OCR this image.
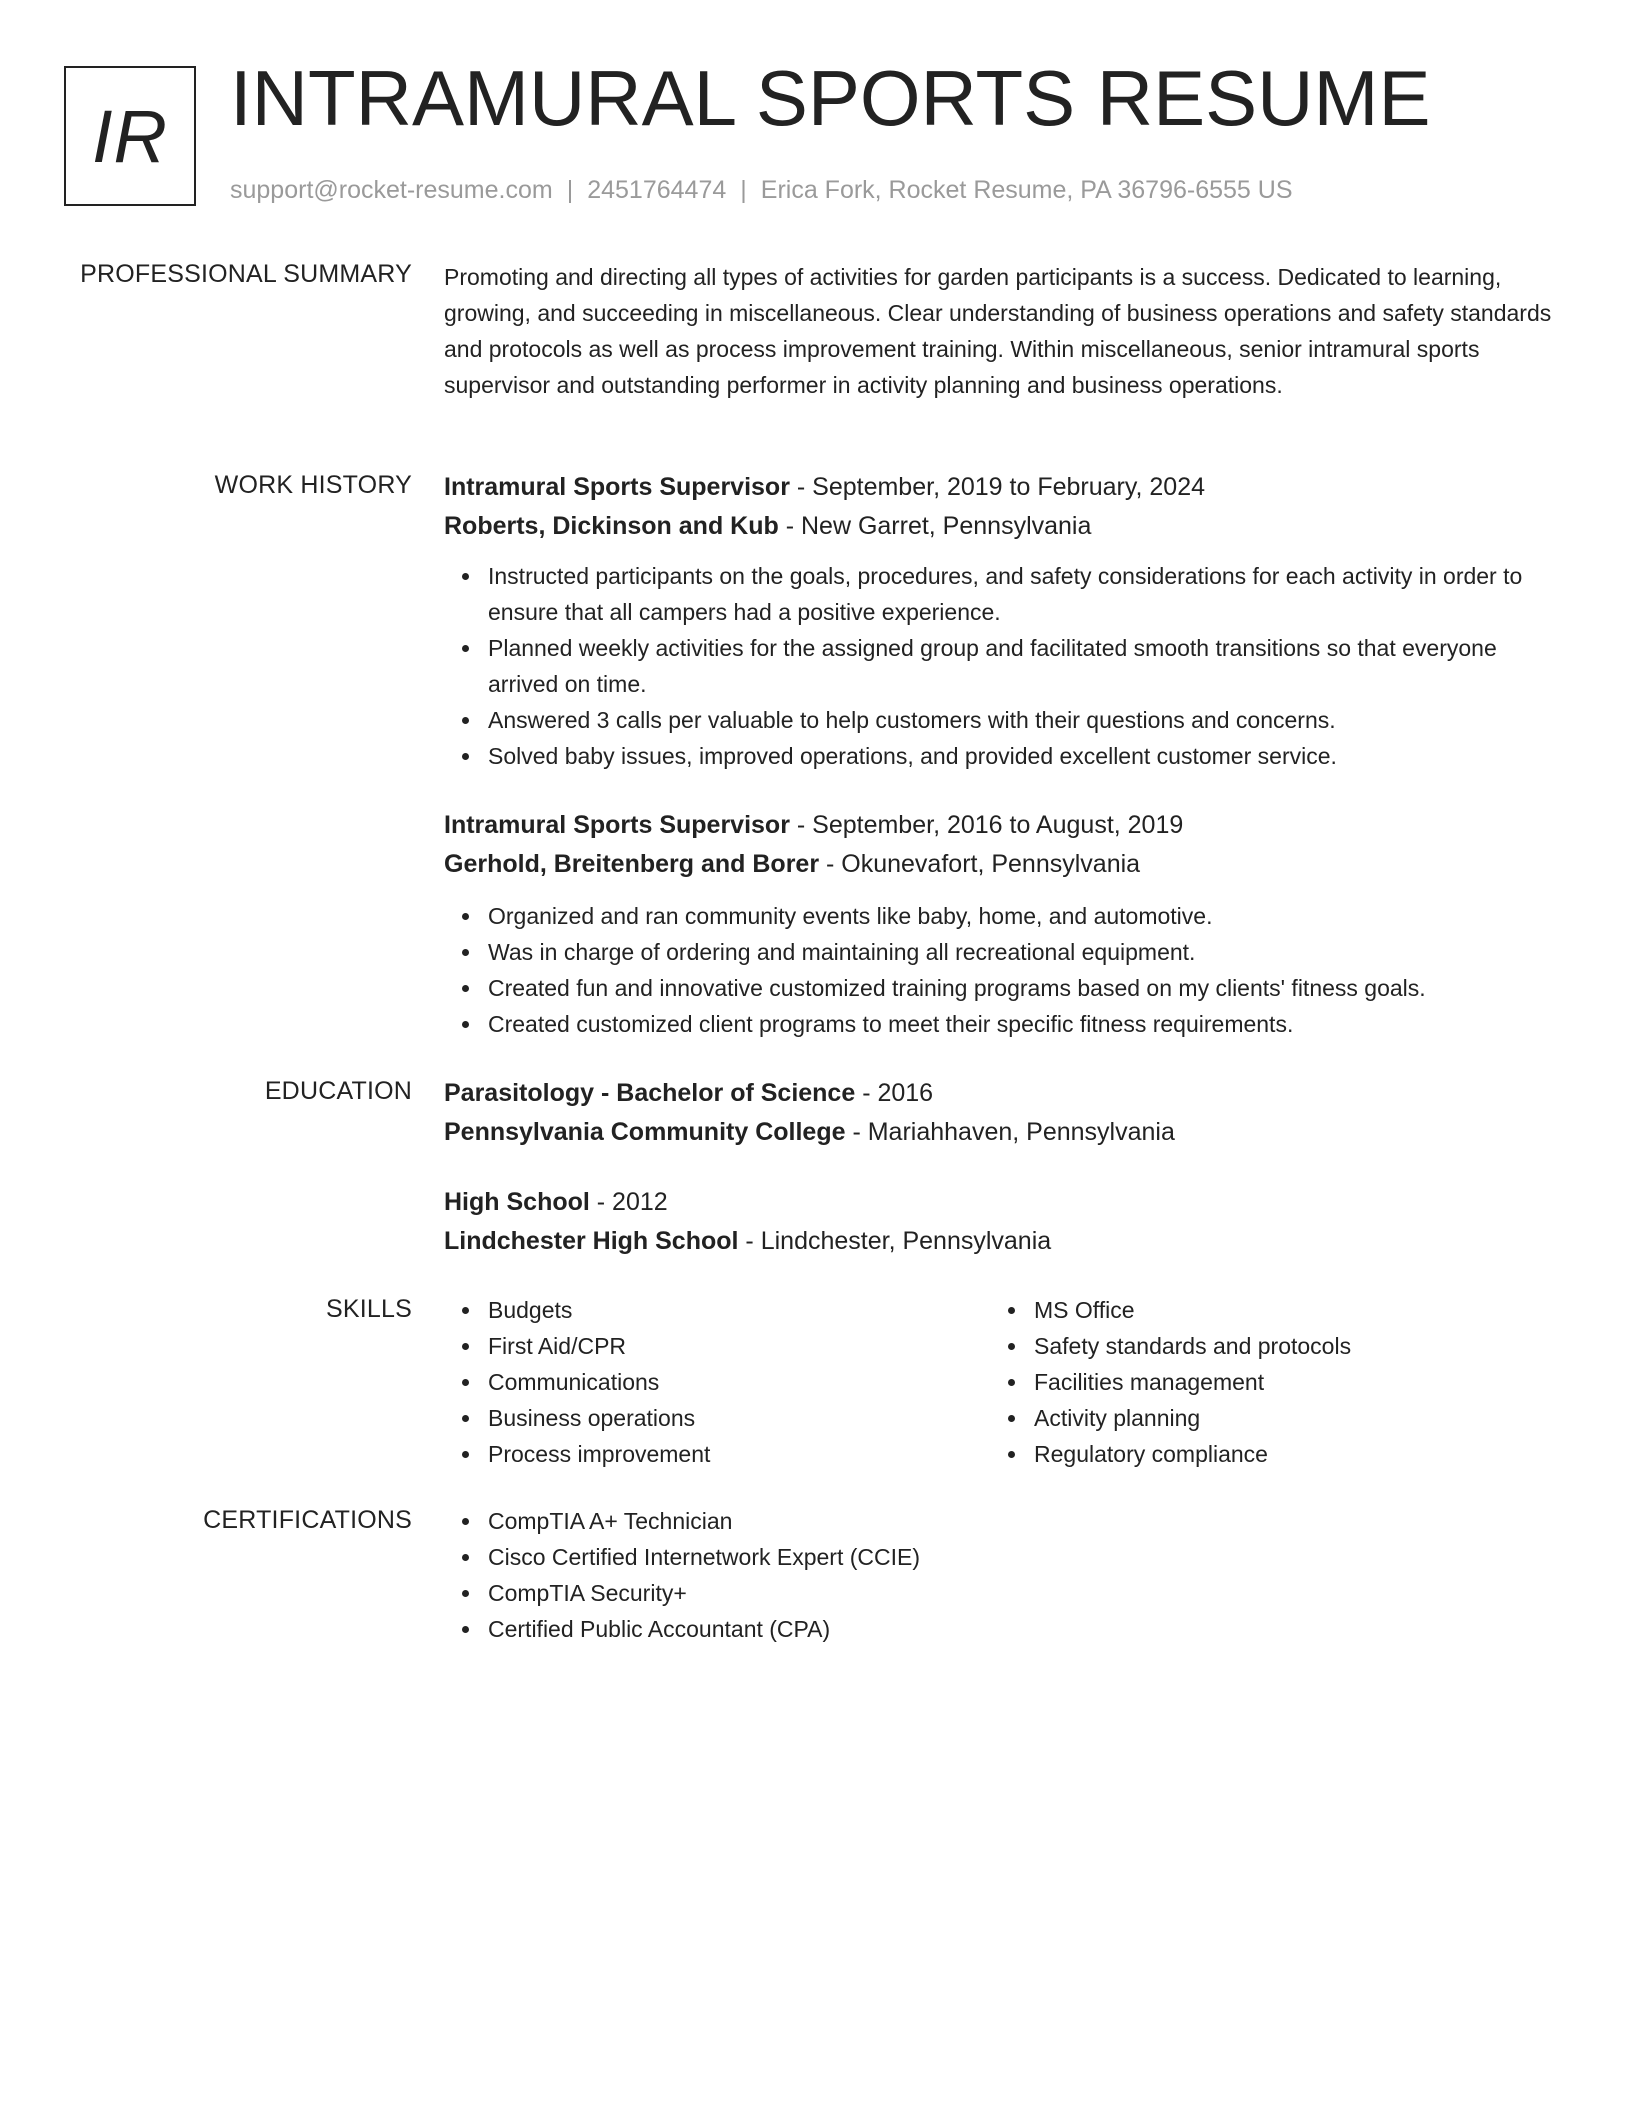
IR INTRAMURAL SPORTS RESUME
support@rocket-resume.com | 2451764474 | Erica Fork, Rocket Resume, PA 36796-6555 US
PROFESSIONAL SUMMARY Promoting and directing all types of activities for garden participants is a success. Dedicated to learning, growing, and succeeding in miscellaneous. Clear understanding of business operations and safety standards and protocols as well as process improvement training. Within miscellaneous, senior intramural sports supervisor and outstanding performer in activity planning and business operations.

WORK HISTORY Intramural Sports Supervisor - September, 2019 to February, 2024

Roberts, Dickinson and Kub - New Garret, Pennsylvania

Instructed participants on the goals, procedures, and safety considerations for each activity in order to ensure that all campers had a positive experience.
Planned weekly activities for the assigned group and facilitated smooth transitions so that everyone arrived on time.
Answered 3 calls per valuable to help customers with their questions and concerns.
Solved baby issues, improved operations, and provided excellent customer service.

Intramural Sports Supervisor - September, 2016 to August, 2019

Gerhold, Breitenberg and Borer - Okunevafort, Pennsylvania

Organized and ran community events like baby, home, and automotive.
Was in charge of ordering and maintaining all recreational equipment.
Created fun and innovative customized training programs based on my clients' fitness goals.
Created customized client programs to meet their specific fitness requirements.
EDUCATION Parasitology - Bachelor of Science - 2016

Pennsylvania Community College - Mariahhaven, Pennsylvania

High School - 2012

Lindchester High School - Lindchester, Pennsylvania

SKILLS	Budgets
First Aid/CPR
Communications
Business operations
Process improvement
MS Office
Safety standards and protocols
Facilities management
Activity planning
Regulatory compliance
CERTIFICATIONS	CompTIA A+ Technician
Cisco Certified Internetwork Expert (CCIE)
CompTIA Security+
Certified Public Accountant (CPA)
